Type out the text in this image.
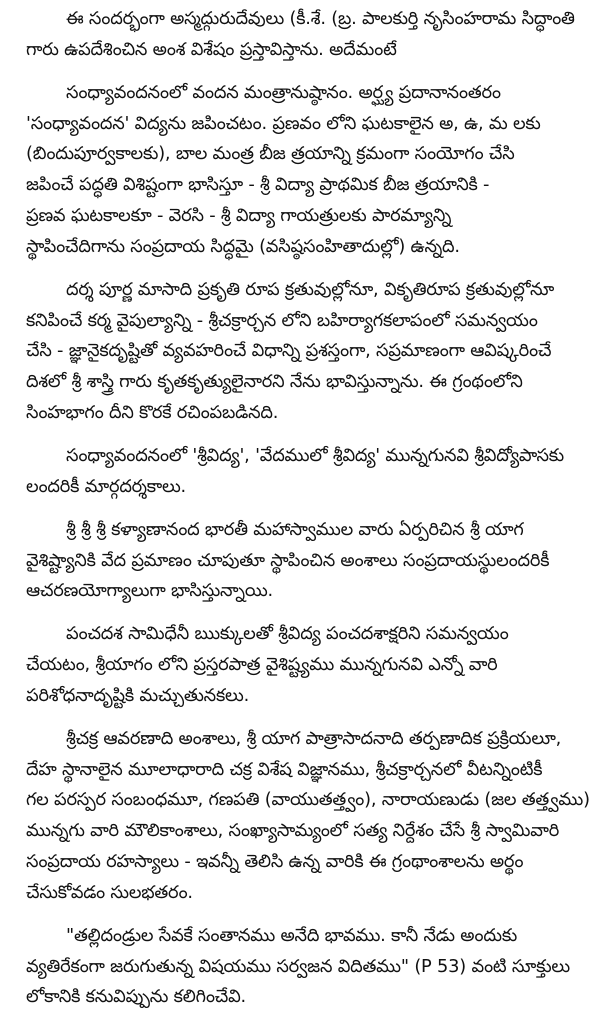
ఈ సందర్భంగా అస్మద్గురుదేవులు (కీ.శే. (బ్ర. పాలకుర్తి నృసింహరామ సిద్ధాంతి
గారు ఉపదేశించిన అంశ విశేషం ప్రస్తావిస్తాను. అదేమంటే
సంధ్యావందనంలో వందన మంత్రానుష్ఠానం. అర్ఘ్య ప్రదానానంతరం
'సంధ్యావందన' విద్యను జపించటం. ప్రణవం లోని ఘటకాలైన అ, ఉ, మ లకు
(బిందుపూర్వకాలకు), బాల మంత్ర బీజ త్రయాన్ని క్రమంగా సంయోగం చేసి
జపించే పద్ధతి విశిష్టంగా భాసిస్తూ - శ్రీ విద్యా ప్రాథమిక బీజ త్రయానికి -
ప్రణవ ఘటకాలకూ - వెరసి - శ్రీ విద్యా గాయత్రులకు పారమ్యాన్ని
స్థాపించేదిగాను సంప్రదాయ సిద్ధమై (వసిష్ఠసంహితాదుల్లో) ఉన్నది.
దర్శ పూర్ణ మాసాది ప్రకృతి రూప క్రతువుల్లోనూ, వికృతిరూప క్రతువుల్లోనూ
కనిపించే కర్మ వైపుల్యాన్ని - శ్రీచక్రార్చన లోని బహిర్యాగకలాపంలో సమన్వయం
చేసి - జ్ఞానైకదృష్టితో వ్యవహరించే విధాన్ని ప్రశస్తంగా, సప్రమాణంగా ఆవిష్కరించే
దిశలో శ్రీ శాస్త్రి గారు కృతకృత్యులైనారని నేను భావిస్తున్నాను. ఈ గ్రంథంలోని
సింహభాగం దీని కొరకే రచింపబడినది.
సంధ్యావందనంలో 'శ్రీవిద్య', 'వేదములో శ్రీవిద్య' మున్నగునవి శ్రీవిద్యోపాసకు
లందరికీ మార్గదర్శకాలు.
శ్రీ శ్రీ శ్రీ కళ్యాణానంద భారతీ మహాస్వాముల వారు ఏర్పరిచిన శ్రీ యాగ
వైశిష్ట్యానికి వేద ప్రమాణం చూపుతూ స్థాపించిన అంశాలు సంప్రదాయస్థులందరికీ
ఆచరణయోగ్యాలుగా భాసిస్తున్నాయి.
పంచదశ సామిధేనీ ఋక్కులతో శ్రీవిద్య పంచదశాక్షరిని సమన్వయం
చేయటం, శ్రీయాగం లోని ప్రస్తరపాత్ర వైశిష్ట్యము మున్నగునవి ఎన్నో వారి
పరిశోధనాదృష్టికి మచ్చుతునకలు.
శ్రీచక్ర ఆవరణాది అంశాలు, శ్రీ యాగ పాత్రాసాదనాది తర్పణాదిక ప్రక్రియలూ,
దేహ స్థానాలైన మూలాధారాది చక్ర విశేష విజ్ఞానము, శ్రీచక్రార్చనలో వీటన్నింటికీ
గల పరస్పర సంబంధమూ, గణపతి (వాయుతత్త్వం), నారాయణుడు (జల తత్త్వము)
మున్నగు వారి మౌలికాంశాలు, సంఖ్యాసామ్యంలో సత్య నిర్దేశం చేసే శ్రీ స్వామివారి
సంప్రదాయ రహస్యాలు - ఇవన్నీ తెలిసి ఉన్న వారికి ఈ గ్రంథాంశాలను అర్థం
చేసుకోవడం సులభతరం.
"తల్లిదండ్రుల సేవకే సంతానము అనేది భావము. కానీ నేడు అందుకు
వ్యతిరేకంగా జరుగుతున్న విషయము సర్వజన విదితము" (P 53) వంటి సూక్తులు
లోకానికి కనువిప్పును కలిగించేవి.
